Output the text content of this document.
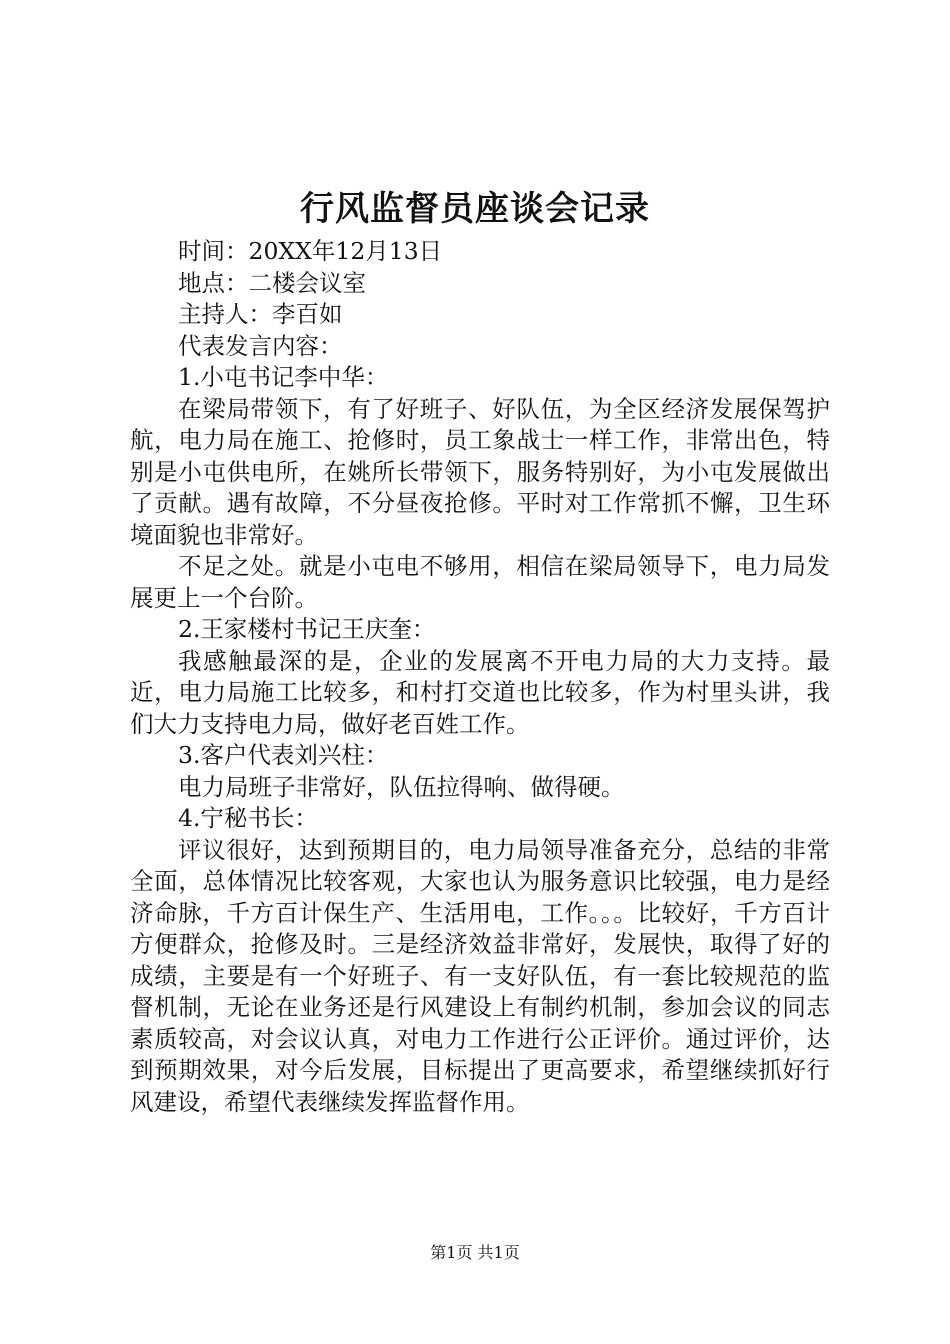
行风监督员座谈会记录

时间：20XX年12月13日

地点：二楼会议室

主持人：李百如

代表发言内容：

1.小屯书记李中华：

在梁局带领下，有了好班子、好队伍，为全区经济发展保驾护航，电力局在施工、抢修时，员工象战士一样工作，非常出色，特别是小屯供电所，在姚所长带领下，服务特别好，为小屯发展做出了贡献。遇有故障，不分昼夜抢修。平时对工作常抓不懈，卫生环境面貌也非常好。

不足之处。就是小屯电不够用，相信在梁局领导下，电力局发展更上一个台阶。

2.王家楼村书记王庆奎：

我感触最深的是，企业的发展离不开电力局的大力支持。最近，电力局施工比较多，和村打交道也比较多，作为村里头讲，我们大力支持电力局，做好老百姓工作。

3.客户代表刘兴柱：

电力局班子非常好，队伍拉得响、做得硬。

4.宁秘书长：

评议很好，达到预期目的，电力局领导准备充分，总结的非常全面，总体情况比较客观，大家也认为服务意识比较强，电力是经济命脉，千方百计保生产、生活用电，工作。。。比较好，千方百计方便群众，抢修及时。三是经济效益非常好，发展快，取得了好的成绩，主要是有一个好班子、有一支好队伍，有一套比较规范的监督机制，无论在业务还是行风建设上有制约机制，参加会议的同志素质较高，对会议认真，对电力工作进行公正评价。通过评价，达到预期效果，对今后发展，目标提出了更高要求，希望继续抓好行风建设，希望代表继续发挥监督作用。

第1页 共1页
